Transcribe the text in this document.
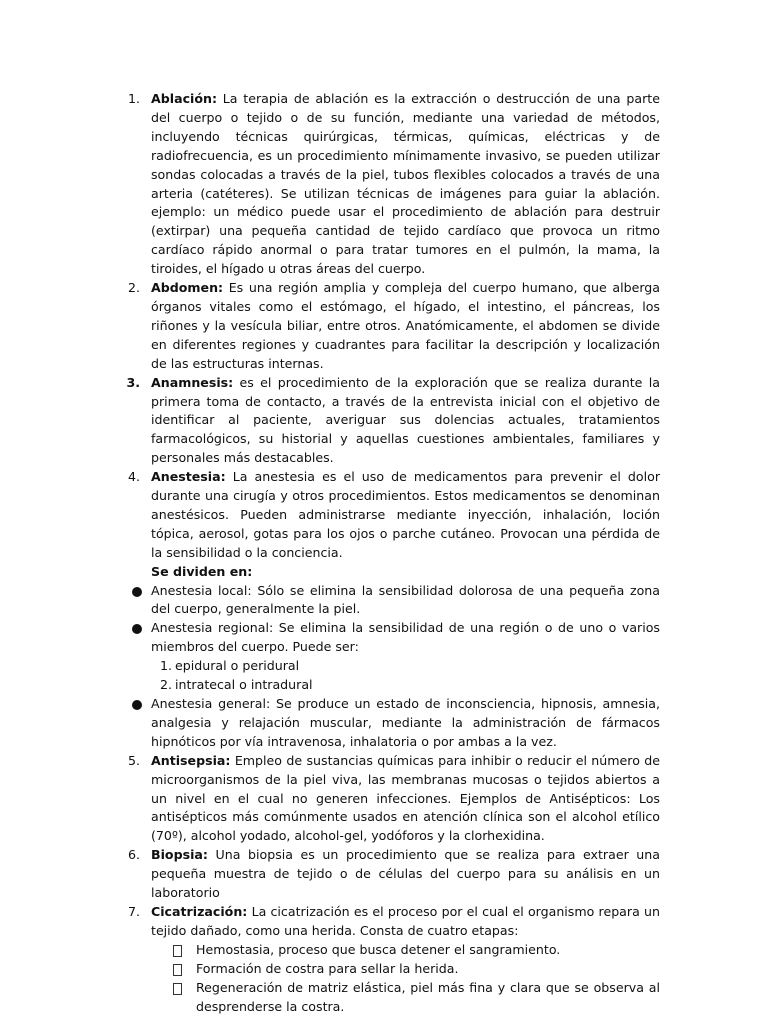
1. Ablación: La terapia de ablación es la extracción o destrucción de una parte del cuerpo o tejido o de su función, mediante una variedad de métodos, incluyendo técnicas quirúrgicas, térmicas, químicas, eléctricas y de radiofrecuencia, es un procedimiento mínimamente invasivo, se pueden utilizar sondas colocadas a través de la piel, tubos flexibles colocados a través de una arteria (catéteres). Se utilizan técnicas de imágenes para guiar la ablación. ejemplo: un médico puede usar el procedimiento de ablación para destruir (extirpar) una pequeña cantidad de tejido cardíaco que provoca un ritmo cardíaco rápido anormal o para tratar tumores en el pulmón, la mama, la tiroides, el hígado u otras áreas del cuerpo.
2. Abdomen: Es una región amplia y compleja del cuerpo humano, que alberga órganos vitales como el estómago, el hígado, el intestino, el páncreas, los riñones y la vesícula biliar, entre otros. Anatómicamente, el abdomen se divide en diferentes regiones y cuadrantes para facilitar la descripción y localización de las estructuras internas.
3. Anamnesis: es el procedimiento de la exploración que se realiza durante la primera toma de contacto, a través de la entrevista inicial con el objetivo de identificar al paciente, averiguar sus dolencias actuales, tratamientos farmacológicos, su historial y aquellas cuestiones ambientales, familiares y personales más destacables.
4. Anestesia: La anestesia es el uso de medicamentos para prevenir el dolor durante una cirugía y otros procedimientos. Estos medicamentos se denominan anestésicos. Pueden administrarse mediante inyección, inhalación, loción tópica, aerosol, gotas para los ojos o parche cutáneo. Provocan una pérdida de la sensibilidad o la conciencia.
Se dividen en:
Anestesia local: Sólo se elimina la sensibilidad dolorosa de una pequeña zona del cuerpo, generalmente la piel.
Anestesia regional: Se elimina la sensibilidad de una región o de uno o varios miembros del cuerpo. Puede ser:
1. epidural o peridural
2. intratecal o intradural
Anestesia general: Se produce un estado de inconsciencia, hipnosis, amnesia, analgesia y relajación muscular, mediante la administración de fármacos hipnóticos por vía intravenosa, inhalatoria o por ambas a la vez.
5. Antisepsia: Empleo de sustancias químicas para inhibir o reducir el número de microorganismos de la piel viva, las membranas mucosas o tejidos abiertos a un nivel en el cual no generen infecciones. Ejemplos de Antisépticos: Los antisépticos más comúnmente usados en atención clínica son el alcohol etílico (70º), alcohol yodado, alcohol-gel, yodóforos y la clorhexidina.
6. Biopsia: Una biopsia es un procedimiento que se realiza para extraer una pequeña muestra de tejido o de células del cuerpo para su análisis en un laboratorio
7. Cicatrización: La cicatrización es el proceso por el cual el organismo repara un tejido dañado, como una herida. Consta de cuatro etapas:
Hemostasia, proceso que busca detener el sangramiento.
Formación de costra para sellar la herida.
Regeneración de matriz elástica, piel más fina y clara que se observa al desprenderse la costra.
